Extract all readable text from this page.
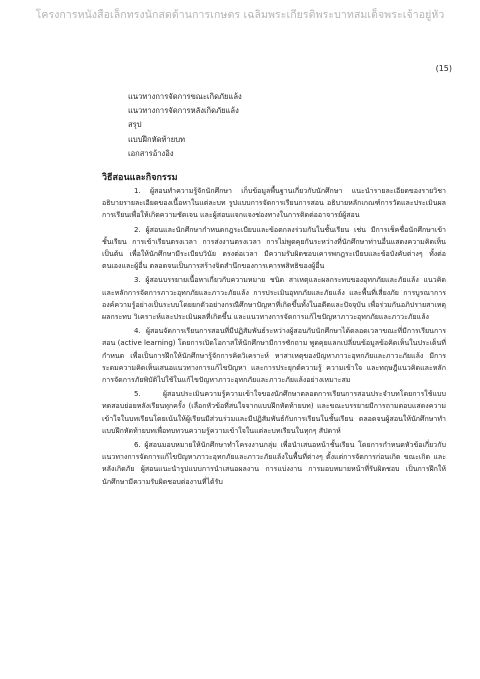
โครงการหนังสือเล็กทรงนักสดด้านการเกษตร เฉลิมพระเกียรติพระบาทสมเด็จพระเจ้าอยู่หัว
(15)
แนวทางการจัดการขณะเกิดภัยแล้ง
แนวทางการจัดการหลังเกิดภัยแล้ง
สรุป
แบบฝึกหัดท้ายบท
เอกสารอ้างอิง
วิธีสอนและกิจกรรม

1. ผู้สอนทำความรู้จักนักศึกษา เก็บข้อมูลพื้นฐานเกี่ยวกับนักศึกษา แนะนำรายละเอียดของรายวิชา อธิบายรายละเอียดของเนื้อหาในแต่ละบท รูปแบบการจัดการเรียนการสอน อธิบายหลักเกณฑ์การวัดและประเมินผลการเรียนเพื่อให้เกิดความชัดเจน และผู้สอนแจกแจงช่องทางในการติดต่ออาจารย์ผู้สอน

2. ผู้สอนและนักศึกษากำหนดกฎระเบียบและข้อตกลงร่วมกันในชั้นเรียน เช่น มีการเช็คชื่อนักศึกษาเข้าชั้นเรียน การเข้าเรียนตรงเวลา การส่งงานตรงเวลา การไม่พูดคุยกันระหว่างที่นักศึกษาท่านอื่นแสดงความคิดเห็น เป็นต้น เพื่อให้นักศึกษามีระเบียบวินัย ตรงต่อเวลา มีความรับผิดชอบเคารพกฎระเบียบและข้อบังคับต่างๆ ทั้งต่อตนเองและผู้อื่น ตลอดจนเป็นการสร้างจิตสำนึกของการเคารพสิทธิของผู้อื่น

3. ผู้สอนบรรยายเนื้อหาเกี่ยวกับความหมาย ชนิด สาเหตุและผลกระทบของอุทกภัยและภัยแล้ง แนวคิดและหลักการจัดการภาวะอุทกภัยและภาวะภัยแล้ง การประเมินอุทกภัยและภัยแล้ง และพื้นที่เสี่ยงภัย การบูรณาการองค์ความรู้อย่างเป็นระบบโดยยกตัวอย่างกรณีศึกษาปัญหาที่เกิดขึ้นทั้งในอดีตและปัจจุบัน เพื่อร่วมกันอภิปรายสาเหตุ ผลกระทบ วิเคราะห์และประเมินผลที่เกิดขึ้น และแนวทางการจัดการแก้ไขปัญหาภาวะอุทกภัยและภาวะภัยแล้ง

4. ผู้สอนจัดการเรียนการสอนที่มีปฏิสัมพันธ์ระหว่างผู้สอนกับนักศึกษาได้ตลอดเวลาขณะที่มีการเรียนการสอน (active learning) โดยการเปิดโอกาสให้นักศึกษามีการซักถาม พูดคุยแลกเปลี่ยนข้อมูลข้อคิดเห็นในประเด็นที่กำหนด เพื่อเป็นการฝึกให้นักศึกษารู้จักการคิดวิเคราะห์ หาสาเหตุของปัญหาภาวะอุทกภัยและภาวะภัยแล้ง มีการระดมความคิดเห็นเสนอแนวทางการแก้ไขปัญหา และการประยุกต์ความรู้ ความเข้าใจ และทฤษฎีแนวคิดและหลักการจัดการภัยพิบัติไปใช้ในแก้ไขปัญหาภาวะอุทกภัยและภาวะภัยแล้งอย่างเหมาะสม

5. ผู้สอนประเมินความรู้ความเข้าใจของนักศึกษาตลอดการเรียนการสอนประจำบทโดยการใช้แบบทดสอบย่อยหลังเรียนทุกครั้ง (เลือกหัวข้อที่สนใจจากแบบฝึกหัดท้ายบท) และขณะบรรยายมีการถามตอบแสดงความเข้าใจในบทเรียนโดยเน้นให้ผู้เรียนมีส่วนร่วมและมีปฏิสัมพันธ์กับการเรียนในชั้นเรียน ตลอดจนผู้สอนให้นักศึกษาทำแบบฝึกหัดท้ายบทเพื่อทบทวนความรู้ความเข้าใจในแต่ละบทเรียนในทุกๆ สัปดาห์

6. ผู้สอนมอบหมายให้นักศึกษาทำโครงงานกลุ่ม เพื่อนำเสนอหน้าชั้นเรียน โดยการกำหนดหัวข้อเกี่ยวกับแนวทางการจัดการแก้ไขปัญหาภาวะอุทกภัยและภาวะภัยแล้งในพื้นที่ต่างๆ ตั้งแต่การจัดการก่อนเกิด ขณะเกิด และหลังเกิดภัย ผู้สอนแนะนำรูปแบบการนำเสนอผลงาน การแบ่งงาน การมอบหมายหน้าที่รับผิดชอบ เป็นการฝึกให้นักศึกษามีความรับผิดชอบต่องานที่ได้รับ
